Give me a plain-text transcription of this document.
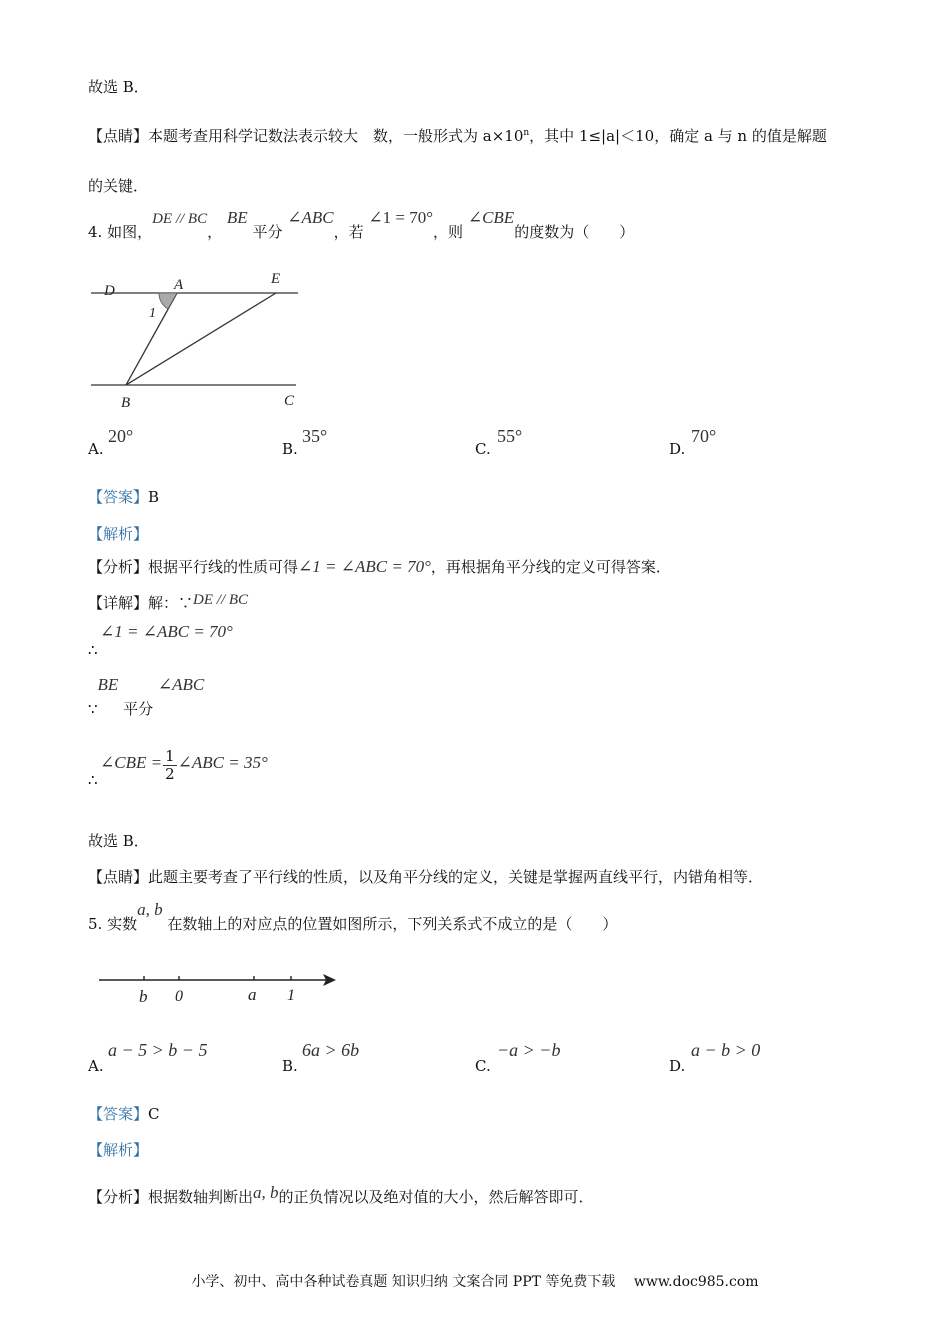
故选 B．
【点睛】本题考查用科学记数法表示较大　数，一般形式为 $a\times 10^n$，其中 1≤|a|＜10，确定 a 与 n 的值是解题
的关键．
4. 如图，DE // BC， BE 平分 ∠ABC，若 ∠1 = 70°，则 ∠CBE的度数为（　　）
D	A	E
1
B	C
A.
20°
B.
35°
C.
55°
D.
70°
【答案】B
【解析】
【分析】根据平行线的性质可得∠1 = ∠ABC = 70°，再根据角平分线的定义可得答案．
【详解】解：∵DE // BC
∠1 = ∠ABC = 70°
∴
∵BE 平分 ∠ABC
∠CBE = $\frac{1}{2}$ ∠ABC = 35°
∴
故选 B．
【点睛】此题主要考查了平行线的性质，以及角平分线的定义，关键是掌握两直线平行，内错角相等．
5. 实数a, b 在数轴上的对应点的位置如图所示，下列关系式不成立的是（　　）
b 0	a 1
A.
a − 5 > b − 5
B.
6a > 6b
C.
−a > −b
D.
a − b > 0
【答案】C
【解析】
【分析】根据数轴判断出a, b的正负情况以及绝对值的大小，然后解答即可．
小学、初中、高中各种试卷真题 知识归纳 文案合同 PPT 等免费下载　 www.doc985.com
